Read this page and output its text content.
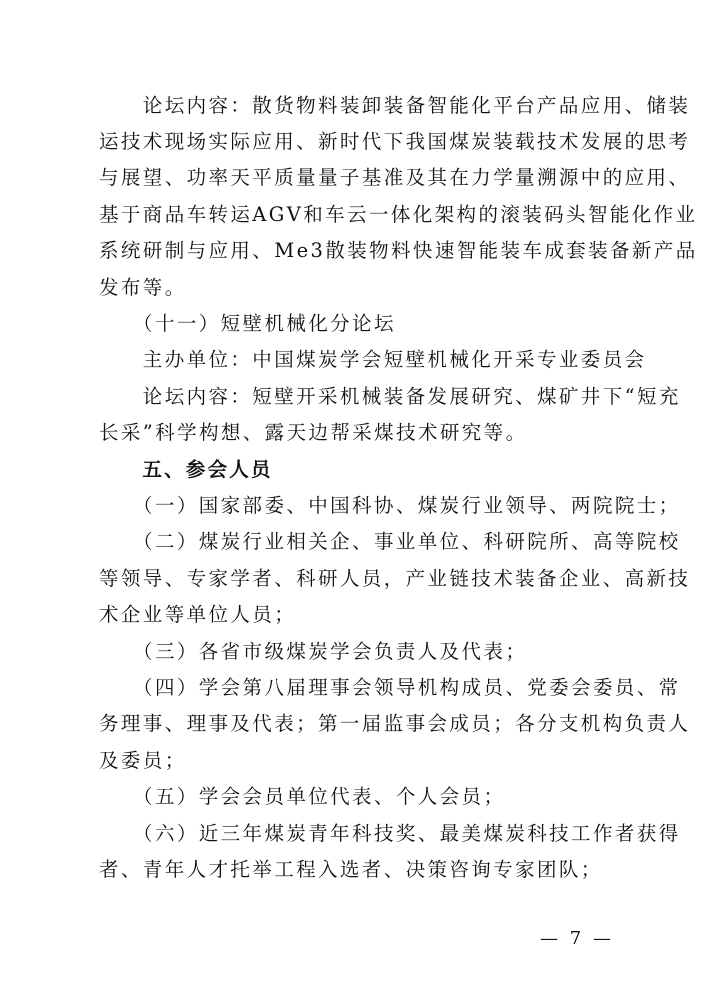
　　论坛内容：散货物料装卸装备智能化平台产品应用、储装
运技术现场实际应用、新时代下我国煤炭装载技术发展的思考
与展望、功率天平质量量子基准及其在力学量溯源中的应用、
基于商品车转运AGV和车云一体化架构的滚装码头智能化作业
系统研制与应用、Me3散装物料快速智能装车成套装备新产品
发布等。
　　（十一）短壁机械化分论坛
　　主办单位：中国煤炭学会短壁机械化开采专业委员会
　　论坛内容：短壁开采机械装备发展研究、煤矿井下“短充
长采”科学构想、露天边帮采煤技术研究等。
　　五、参会人员
　　（一）国家部委、中国科协、煤炭行业领导、两院院士；
　　（二）煤炭行业相关企、事业单位、科研院所、高等院校
等领导、专家学者、科研人员，产业链技术装备企业、高新技
术企业等单位人员；
　　（三）各省市级煤炭学会负责人及代表；
　　（四）学会第八届理事会领导机构成员、党委会委员、常
务理事、理事及代表；第一届监事会成员；各分支机构负责人
及委员；
　　（五）学会会员单位代表、个人会员；
　　（六）近三年煤炭青年科技奖、最美煤炭科技工作者获得
者、青年人才托举工程入选者、决策咨询专家团队；
— 7 —
